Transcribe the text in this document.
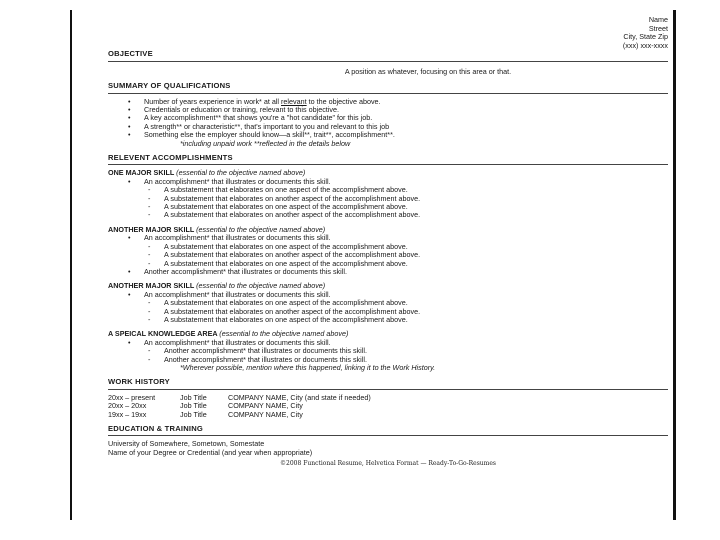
Name
Street
City, State Zip
(xxx) xxx-xxxx
OBJECTIVE
A position as whatever, focusing on this area or that.
SUMMARY OF QUALIFICATIONS
• Number of years experience in work* at all relevant to the objective above.
• Credentials or education or training, relevant to this objective.
• A key accomplishment** that shows you're a "hot candidate" for this job.
• A strength** or characteristic**, that's important to you and relevant to this job
• Something else the employer should know—a skill**, trait**, accomplishment**.
*including unpaid work **reflected in the details below
RELEVENT ACCOMPLISHMENTS
ONE MAJOR SKILL (essential to the objective named above)
• An accomplishment* that illustrates or documents this skill.
- A substatement that elaborates on one aspect of the accomplishment above.
- A substatement that elaborates on another aspect of the accomplishment above.
- A substatement that elaborates on one aspect of the accomplishment above.
- A substatement that elaborates on another aspect of the accomplishment above.
ANOTHER MAJOR SKILL (essential to the objective named above)
• An accomplishment* that illustrates or documents this skill.
- A substatement that elaborates on one aspect of the accomplishment above.
- A substatement that elaborates on another aspect of the accomplishment above.
- A substatement that elaborates on one aspect of the accomplishment above.
• Another accomplishment* that illustrates or documents this skill.
ANOTHER MAJOR SKILL (essential to the objective named above)
• An accomplishment* that illustrates or documents this skill.
- A substatement that elaborates on one aspect of the accomplishment above.
- A substatement that elaborates on another aspect of the accomplishment above.
- A substatement that elaborates on one aspect of the accomplishment above.
A SPEICAL KNOWLEDGE AREA (essential to the objective named above)
• An accomplishment* that illustrates or documents this skill.
- Another accomplishment* that illustrates or documents this skill.
- Another accomplishment* that illustrates or documents this skill.
*Wherever possible, mention where this happened, linking it to the Work History.
WORK HISTORY
20xx – present	Job Title	COMPANY NAME, City (and state if needed)
20xx – 20xx	Job Title	COMPANY NAME, City
19xx – 19xx	Job Title	COMPANY NAME, City
EDUCATION & TRAINING
University of Somewhere, Sometown, Somestate
Name of your Degree or Credential (and year when appropriate)
©2008 Functional Resume, Helvetica Format — Ready-To-Go-Resumes
